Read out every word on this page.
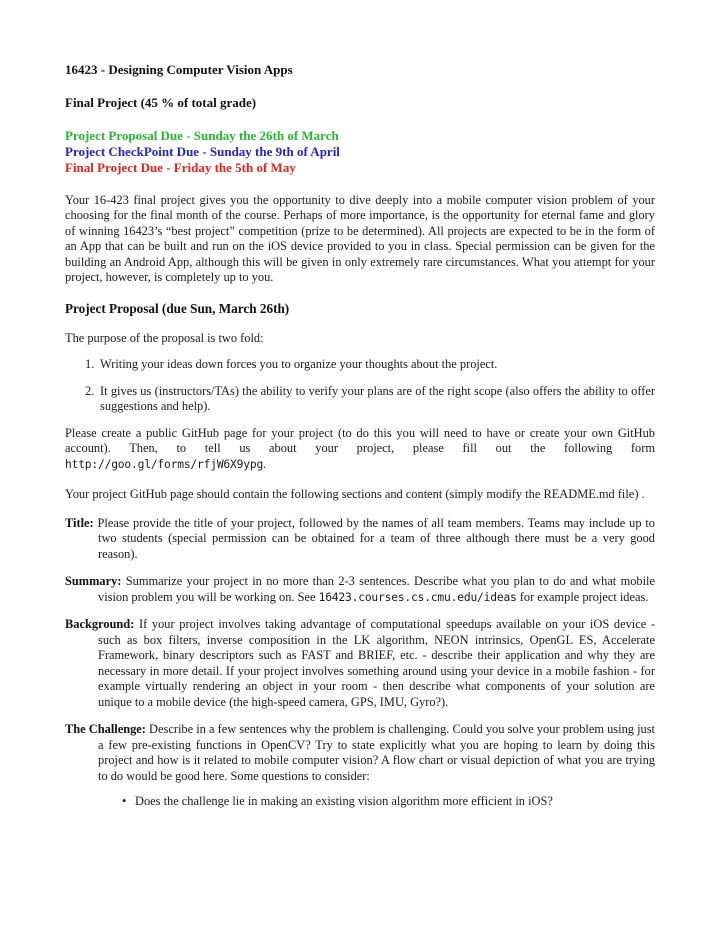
16423 - Designing Computer Vision Apps

Final Project (45 % of total grade)

Project Proposal Due - Sunday the 26th of March

Project CheckPoint Due - Sunday the 9th of April

Final Project Due - Friday the 5th of May

Your 16-423 final project gives you the opportunity to dive deeply into a mobile computer vision problem of your choosing for the final month of the course. Perhaps of more importance, is the opportunity for eternal fame and glory of winning 16423’s “best project” competition (prize to be determined). All projects are expected to be in the form of an App that can be built and run on the iOS device provided to you in class. Special permission can be given for the building an Android App, although this will be given in only extremely rare circumstances. What you attempt for your project, however, is completely up to you.

Project Proposal (due Sun, March 26th)

The purpose of the proposal is two fold:

1. Writing your ideas down forces you to organize your thoughts about the project.
2. It gives us (instructors/TAs) the ability to verify your plans are of the right scope (also offers the ability to offer suggestions and help).

Please create a public GitHub page for your project (to do this you will need to have or create your own GitHub account). Then, to tell us about your project, please fill out the following form http://goo.gl/forms/rfjW6X9ypg.

Your project GitHub page should contain the following sections and content (simply modify the README.md file) .

Title: Please provide the title of your project, followed by the names of all team members. Teams may include up to two students (special permission can be obtained for a team of three although there must be a very good reason).

Summary: Summarize your project in no more than 2-3 sentences. Describe what you plan to do and what mobile vision problem you will be working on. See 16423.courses.cs.cmu.edu/ideas for example project ideas.

Background: If your project involves taking advantage of computational speedups available on your iOS device - such as box filters, inverse composition in the LK algorithm, NEON intrinsics, OpenGL ES, Accelerate Framework, binary descriptors such as FAST and BRIEF, etc. - describe their application and why they are necessary in more detail. If your project involves something around using your device in a mobile fashion - for example virtually rendering an object in your room - then describe what components of your solution are unique to a mobile device (the high-speed camera, GPS, IMU, Gyro?).

The Challenge: Describe in a few sentences why the problem is challenging. Could you solve your problem using just a few pre-existing functions in OpenCV? Try to state explicitly what you are hoping to learn by doing this project and how is it related to mobile computer vision? A flow chart or visual depiction of what you are trying to do would be good here. Some questions to consider:

• Does the challenge lie in making an existing vision algorithm more efficient in iOS?
